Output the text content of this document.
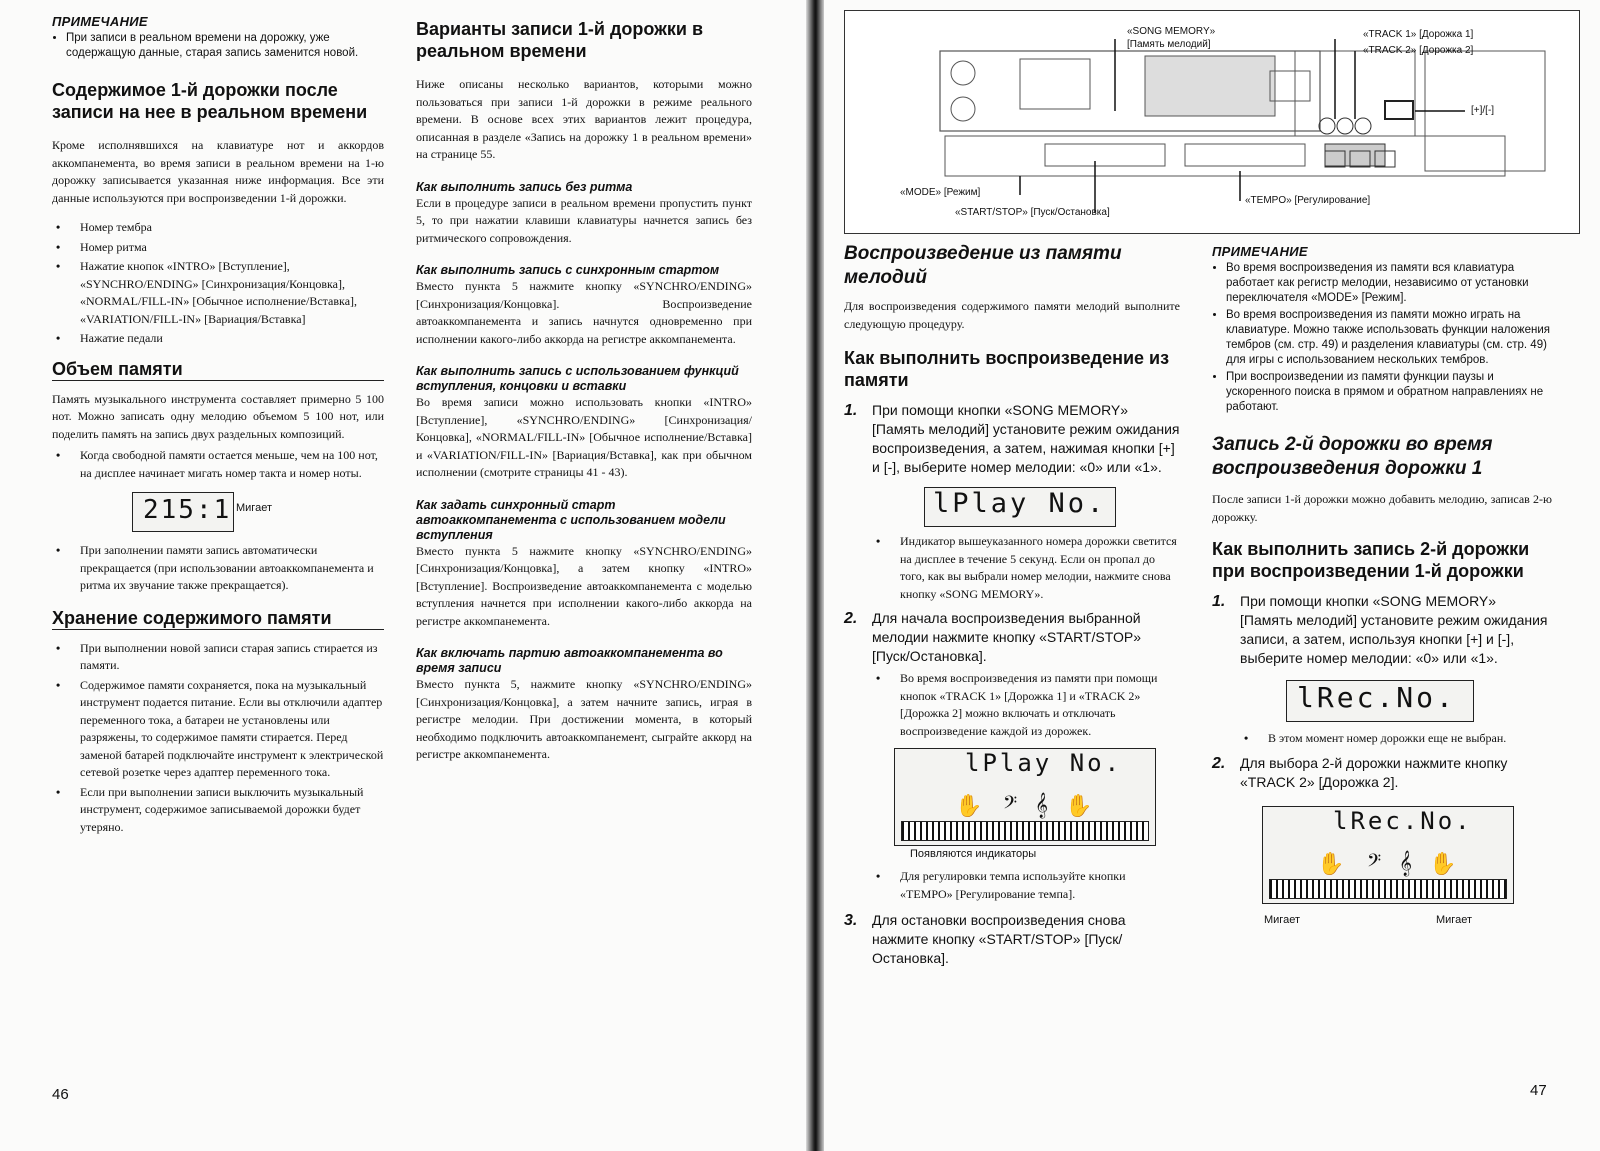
ПРИМЕЧАНИЕ
• При записи в реальном времени на дорожку, уже содержащую данные, старая запись заменится новой.
Содержимое 1-й дорожки после записи на нее в реальном времени

Кроме исполнявшихся на клавиатуре нот и аккордов аккомпанемента, во время записи в реальном времени на 1-ю дорожку записывается указанная ниже информация. Все эти данные используются при воспроизведении 1-й дорожки.

• Номер тембра
• Номер ритма
• Нажатие кнопок «INTRO» [Вступление], «SYNCHRO/ENDING» [Синхронизация/Концовка], «NORMAL/FILL-IN» [Обычное исполнение/Вставка], «VARIATION/FILL-IN» [Вариация/Вставка]
• Нажатие педали
Объем памяти

Память музыкального инструмента составляет примерно 5 100 нот. Можно записать одну мелодию объемом 5 100 нот, или поделить память на запись двух раздельных композиций.

• Когда свободной памяти остается меньше, чем на 100 нот, на дисплее начинает мигать номер такта и номер ноты.
215:1 Мигает
• При заполнении памяти запись автоматически прекращается (при использовании автоаккомпанемента и ритма их звучание также прекращается).
Хранение содержимого памяти
• При выполнении новой записи старая запись стирается из памяти.
• Содержимое памяти сохраняется, пока на музыкальный инструмент подается питание. Если вы отключили адаптер переменного тока, а батареи не установлены или разряжены, то содержимое памяти стирается. Перед заменой батарей подключайте инструмент к электрической сетевой розетке через адаптер переменного тока.
• Если при выполнении записи выключить музыкальный инструмент, содержимое записываемой дорожки будет утеряно.
Варианты записи 1-й дорожки в реальном времени

Ниже описаны несколько вариантов, которыми можно пользоваться при записи 1-й дорожки в режиме реального времени. В основе всех этих вариантов лежит процедура, описанная в разделе «Запись на дорожку 1 в реальном времени» на странице 55.

Как выполнить запись без ритма

Если в процедуре записи в реальном времени пропустить пункт 5, то при нажатии клавиши клавиатуры начнется запись без ритмического сопровождения.

Как выполнить запись с синхронным стартом

Вместо пункта 5 нажмите кнопку «SYNCHRO/ENDING» [Синхронизация/Концовка]. Воспроизведение автоаккомпанемента и запись начнутся одновременно при исполнении какого-либо аккорда на регистре аккомпанемента.

Как выполнить запись с использованием функций вступления, концовки и вставки

Во время записи можно использовать кнопки «INTRO» [Вступление], «SYNCHRO/ENDING» [Синхронизация/Концовка], «NORMAL/FILL-IN» [Обычное исполнение/Вставка] и «VARIATION/FILL-IN» [Вариация/Вставка], как при обычном исполнении (смотрите страницы 41 - 43).

Как задать синхронный старт автоаккомпанемента с использованием модели вступления

Вместо пункта 5 нажмите кнопку «SYNCHRO/ENDING» [Синхронизация/Концовка], а затем кнопку «INTRO» [Вступление]. Воспроизведение автоаккомпанемента с моделью вступления начнется при исполнении какого-либо аккорда на регистре аккомпанемента.

Как включать партию автоаккомпанемента во время записи

Вместо пункта 5, нажмите кнопку «SYNCHRO/ENDING» [Синхронизация/Концовка], а затем начните запись, играя в регистре мелодии. При достижении момента, в который необходимо подключить автоаккомпанемент, сыграйте аккорд на регистре аккомпанемента.

46
«SONG MEMORY»
[Память мелодий]
«TRACK 1» [Дорожка 1]
«TRACK 2» [Дорожка 2]
[+]/[-]
«MODE» [Режим]
«START/STOP» [Пуск/Остановка]
«TEMPO» [Регулирование]
Воспроизведение из памяти мелодий

Для воспроизведения содержимого памяти мелодий выполните следующую процедуру.

Как выполнить воспроизведение из памяти
1. При помощи кнопки «SONG MEMORY» [Память мелодий] установите режим ожидания воспроизведения, а затем, нажимая кнопки [+] и [-], выберите номер мелодии: «0» или «1».
lPlay No.
• Индикатор вышеуказанного номера дорожки светится на дисплее в течение 5 секунд. Если он пропал до того, как вы выбрали номер мелодии, нажмите снова кнопку «SONG MEMORY».
2. Для начала воспроизведения выбранной мелодии нажмите кнопку «START/STOP» [Пуск/Остановка].
• Во время воспроизведения из памяти при помощи кнопок «TRACK 1» [Дорожка 1] и «TRACK 2» [Дорожка 2] можно включать и отключать воспроизведение каждой из дорожек.
lPlay No.
✋ 𝄢 𝄞 ✋
Появляются индикаторы
• Для регулировки темпа используйте кнопки «TEMPO» [Регулирование темпа].
3. Для остановки воспроизведения снова нажмите кнопку «START/STOP» [Пуск/Остановка].
ПРИМЕЧАНИЕ
• Во время воспроизведения из памяти вся клавиатура работает как регистр мелодии, независимо от установки переключателя «MODE» [Режим].
• Во время воспроизведения из памяти можно играть на клавиатуре. Можно также использовать функции наложения тембров (см. стр. 49) и разделения клавиатуры (см. стр. 49) для игры с использованием нескольких тембров.
• При воспроизведении из памяти функции паузы и ускоренного поиска в прямом и обратном направлениях не работают.
Запись 2-й дорожки во время воспроизведения дорожки 1

После записи 1-й дорожки можно добавить мелодию, записав 2-ю дорожку.

Как выполнить запись 2-й дорожки при воспроизведении 1-й дорожки
1. При помощи кнопки «SONG MEMORY» [Память мелодий] установите режим ожидания записи, а затем, используя кнопки [+] и [-], выберите номер мелодии: «0» или «1».
lRec.No.
• В этом момент номер дорожки еще не выбран.
2. Для выбора 2-й дорожки нажмите кнопку «TRACK 2» [Дорожка 2].
lRec.No.
✋ 𝄢 𝄞 ✋
Мигает	Мигает
47
